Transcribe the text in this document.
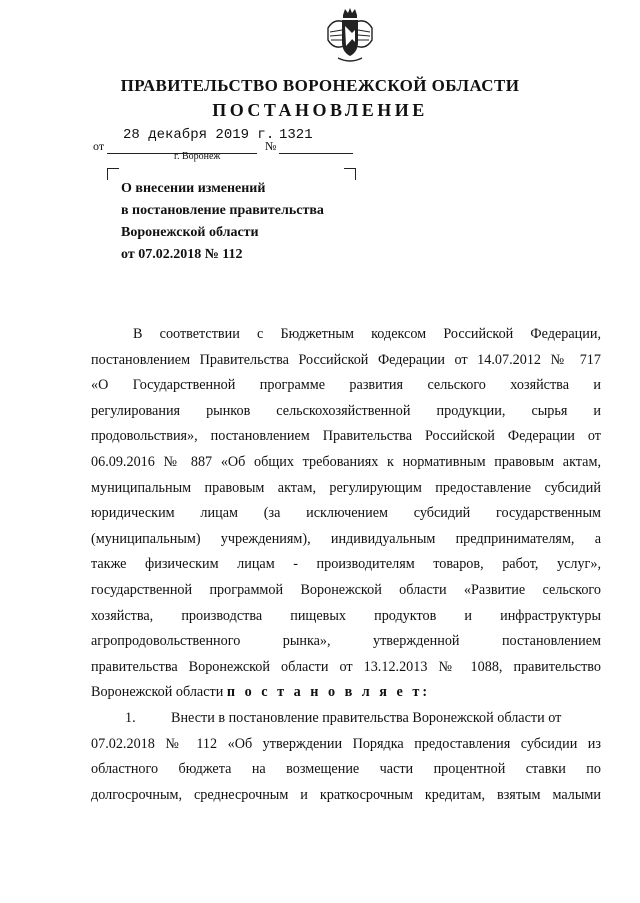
ПРАВИТЕЛЬСТВО ВОРОНЕЖСКОЙ ОБЛАСТИ
ПОСТАНОВЛЕНИЕ
от
28 декабря 2019 г.
№
1321
г. Воронеж
О внесении изменений
в постановление правительства
Воронежской области
от 07.02.2018 № 112
В соответствии с Бюджетным кодексом Российской Федерации,
постановлением Правительства Российской Федерации от 14.07.2012 № 717
«О Государственной программе развития сельского хозяйства и
регулирования рынков сельскохозяйственной продукции, сырья и
продовольствия», постановлением Правительства Российской Федерации от
06.09.2016 № 887 «Об общих требованиях к нормативным правовым актам,
муниципальным правовым актам, регулирующим предоставление субсидий
юридическим лицам (за исключением субсидий государственным
(муниципальным) учреждениям), индивидуальным предпринимателям, а
также физическим лицам - производителям товаров, работ, услуг»,
государственной программой Воронежской области «Развитие сельского
хозяйства, производства пищевых продуктов и инфраструктуры
агропродовольственного рынка», утвержденной постановлением
правительства Воронежской области от 13.12.2013 № 1088, правительство
Воронежской области п о с т а н о в л я е т:
1. Внести в постановление правительства Воронежской области от
07.02.2018 № 112 «Об утверждении Порядка предоставления субсидии из
областного бюджета на возмещение части процентной ставки по
долгосрочным, среднесрочным и краткосрочным кредитам, взятым малыми
